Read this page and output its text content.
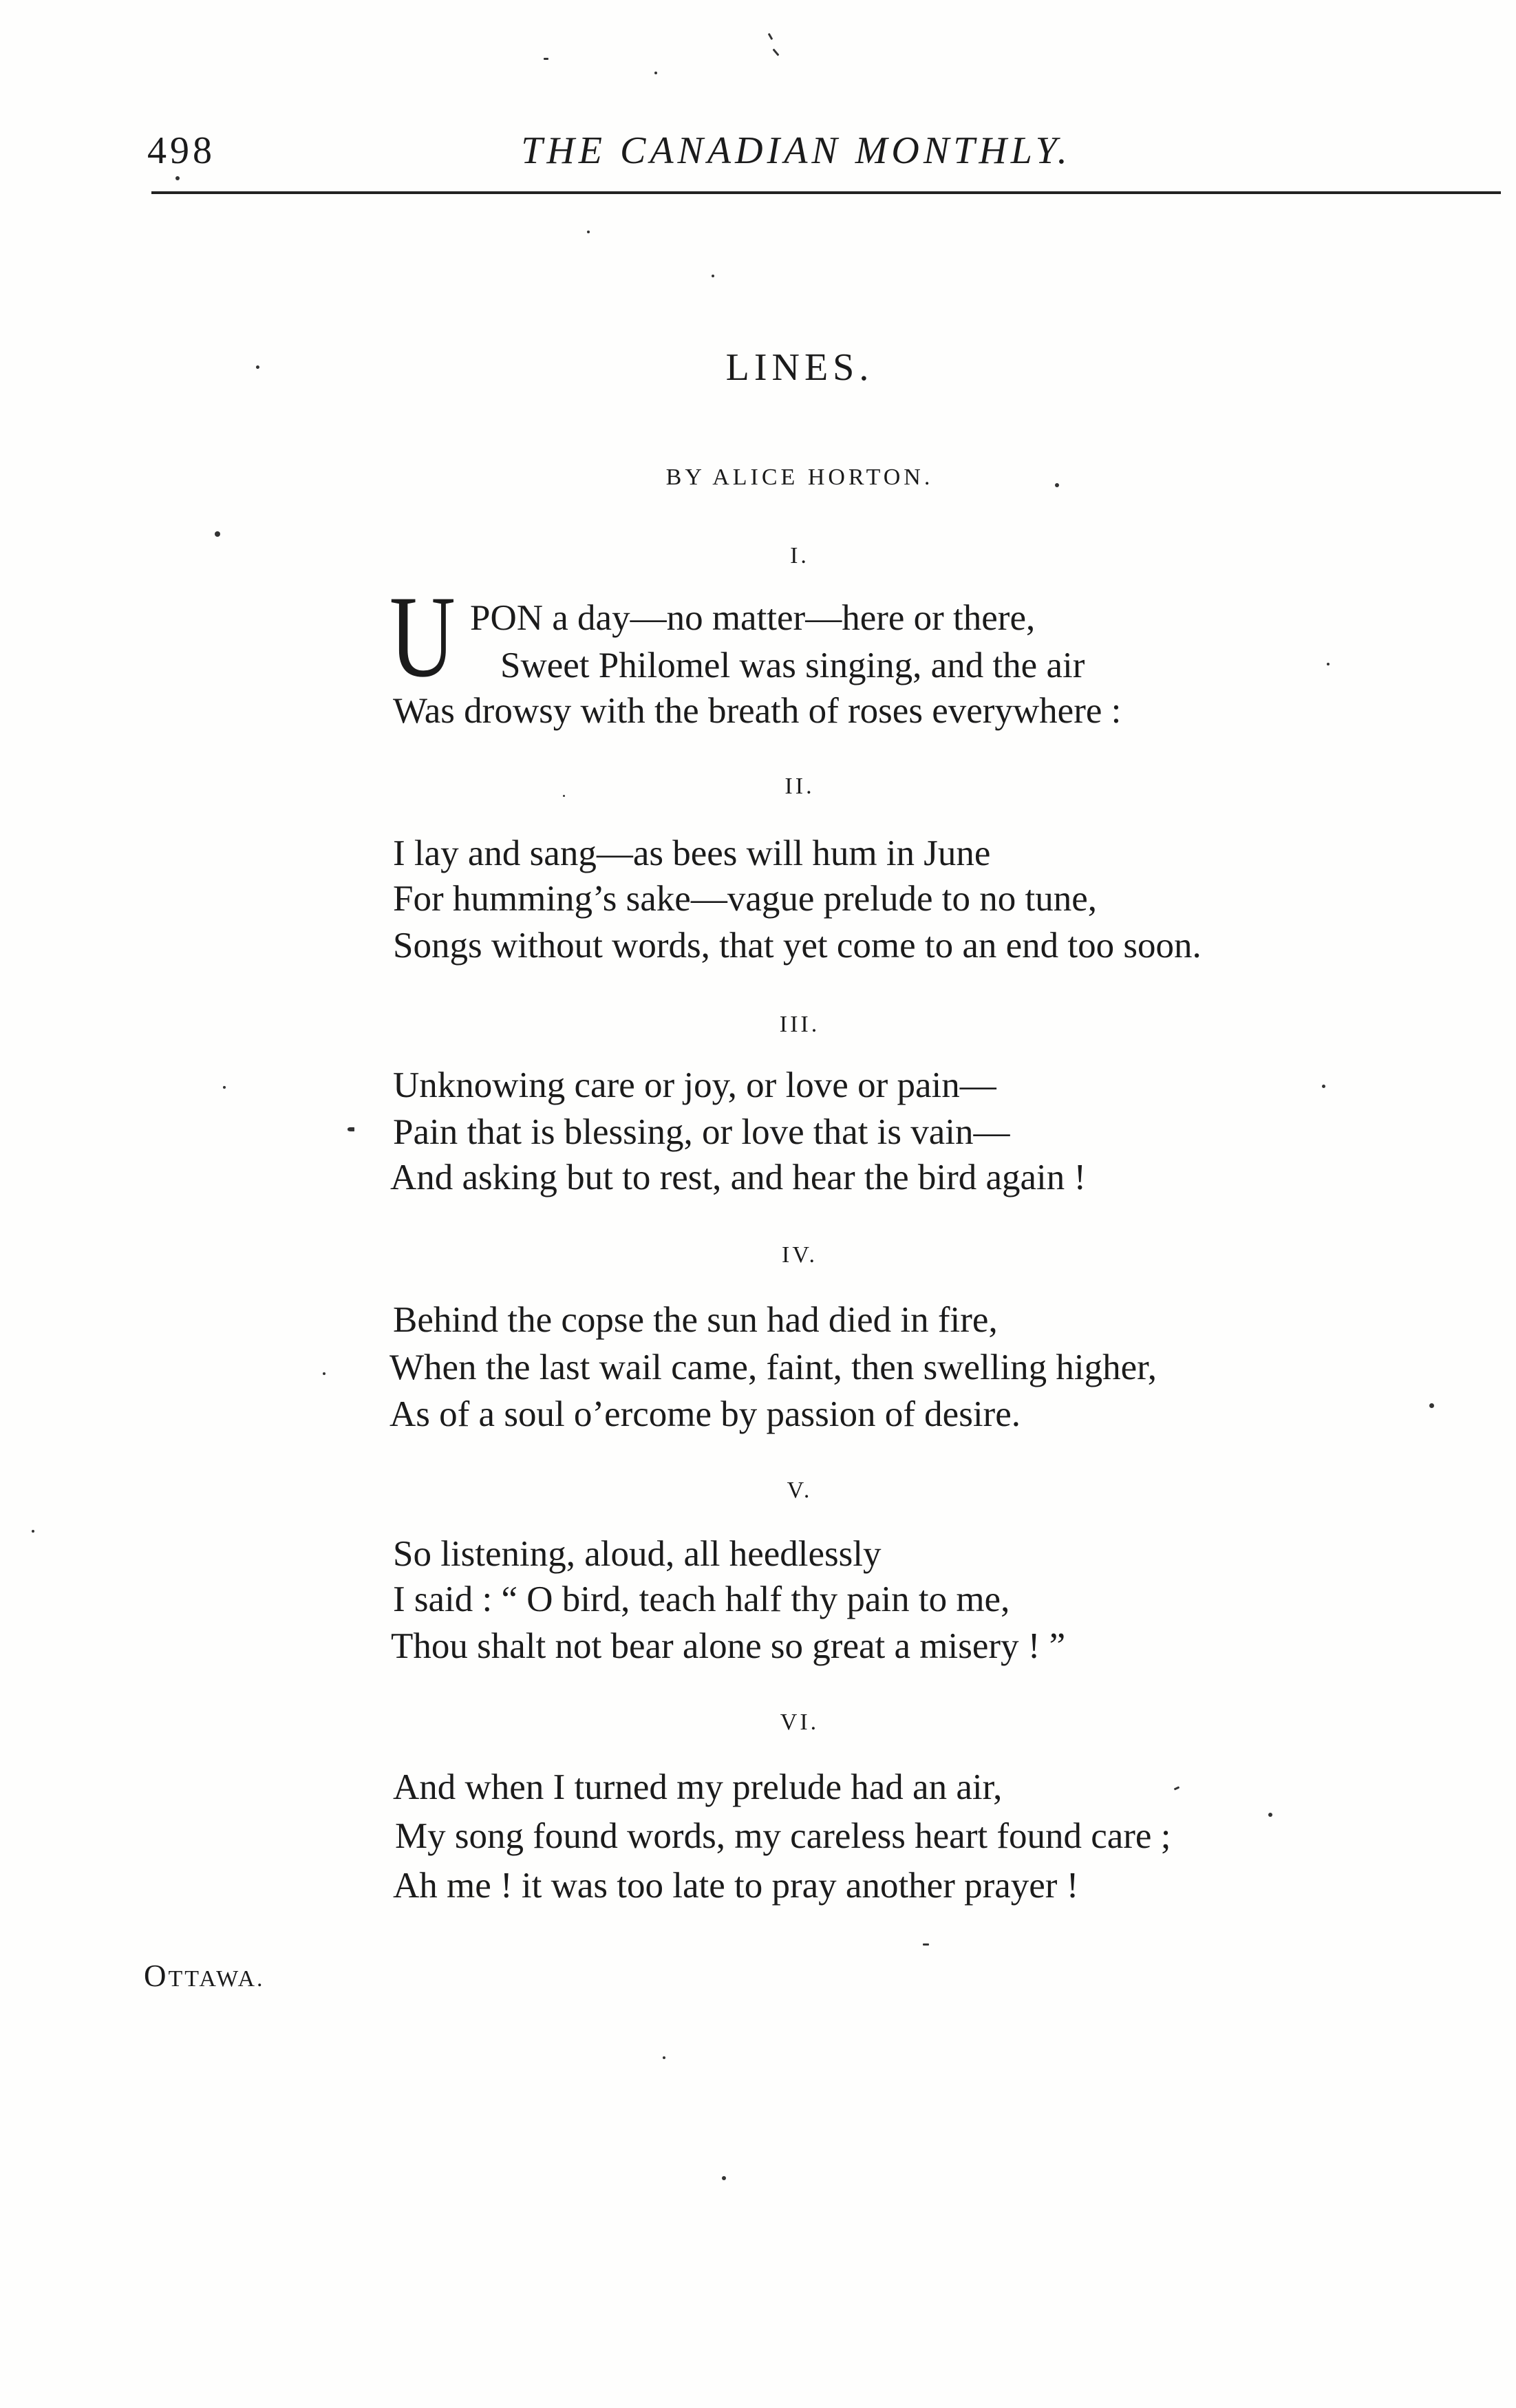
498	THE CANADIAN MONTHLY.
LINES.
BY ALICE HORTON.
I.
U PON a day—no matter—here or there,
Sweet Philomel was singing, and the air
Was drowsy with the breath of roses everywhere :
II.
I lay and sang—as bees will hum in June
For humming’s sake—vague prelude to no tune,
Songs without words, that yet come to an end too soon.
III.
Unknowing care or joy, or love or pain—
Pain that is blessing, or love that is vain—
And asking but to rest, and hear the bird again !
IV.
Behind the copse the sun had died in fire,
When the last wail came, faint, then swelling higher,
As of a soul o’ercome by passion of desire.
V.
So listening, aloud, all heedlessly
I said : “ O bird, teach half thy pain to me,
Thou shalt not bear alone so great a misery ! ”
VI.
And when I turned my prelude had an air,
My song found words, my careless heart found care ;
Ah me ! it was too late to pray another prayer !
OTTAWA.
